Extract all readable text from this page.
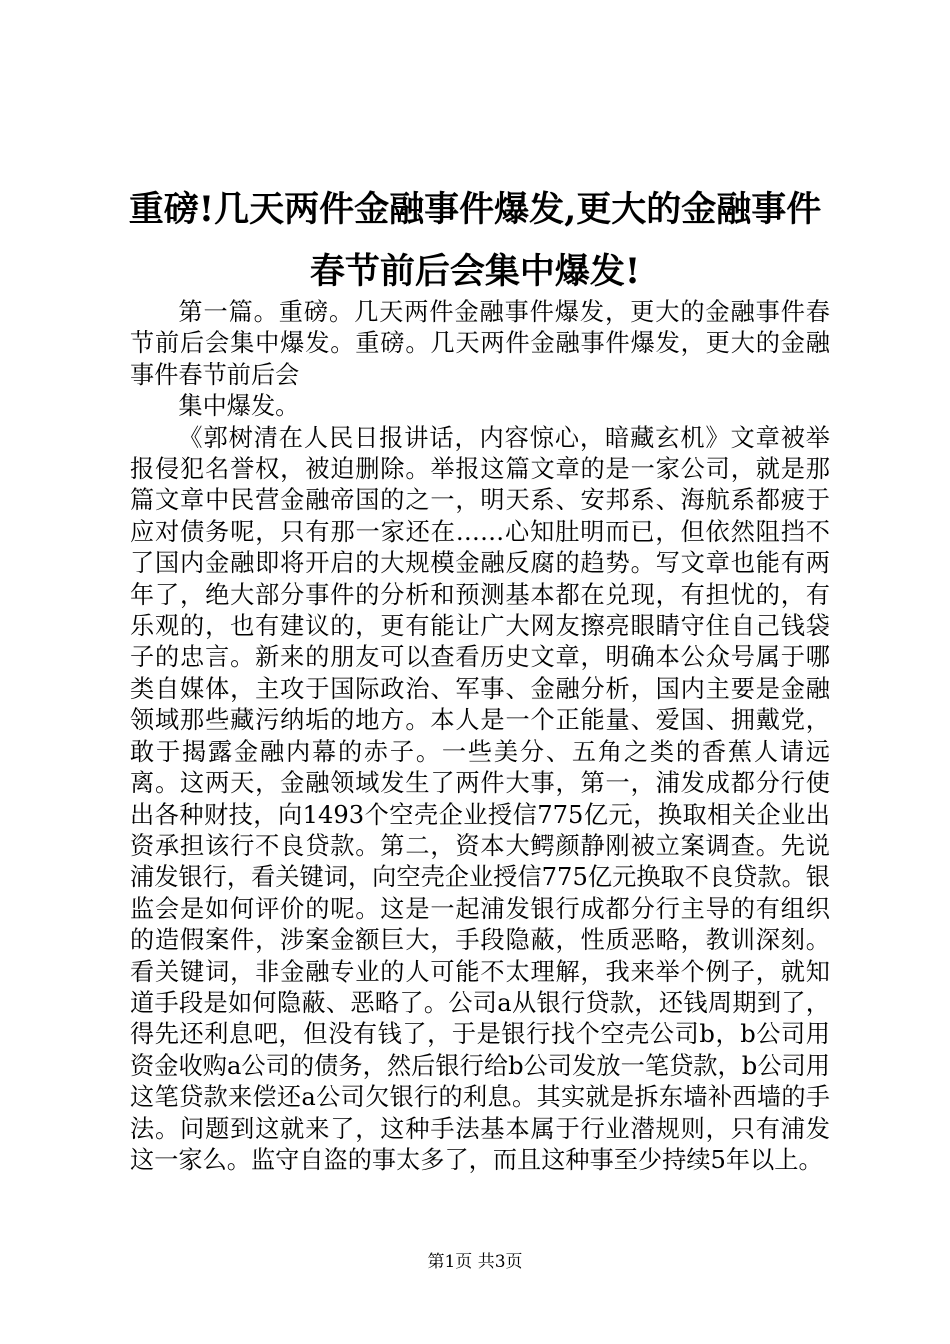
重磅!几天两件金融事件爆发,更大的金融事件
春节前后会集中爆发!

第一篇。重磅。几天两件金融事件爆发，更大的金融事件春节前后会集中爆发。重磅。几天两件金融事件爆发，更大的金融事件春节前后会

集中爆发。

《郭树清在人民日报讲话，内容惊心，暗藏玄机》文章被举报侵犯名誉权，被迫删除。举报这篇文章的是一家公司，就是那篇文章中民营金融帝国的之一，明天系、安邦系、海航系都疲于应对债务呢，只有那一家还在……心知肚明而已，但依然阻挡不了国内金融即将开启的大规模金融反腐的趋势。写文章也能有两年了，绝大部分事件的分析和预测基本都在兑现，有担忧的，有乐观的，也有建议的，更有能让广大网友擦亮眼睛守住自己钱袋子的忠言。新来的朋友可以查看历史文章，明确本公众号属于哪类自媒体，主攻于国际政治、军事、金融分析，国内主要是金融领域那些藏污纳垢的地方。本人是一个正能量、爱国、拥戴党，敢于揭露金融内幕的赤子。一些美分、五角之类的香蕉人请远离。这两天，金融领域发生了两件大事，第一，浦发成都分行使出各种财技，向1493个空壳企业授信775亿元，换取相关企业出资承担该行不良贷款。第二，资本大鳄颜静刚被立案调查。先说浦发银行，看关键词，向空壳企业授信775亿元换取不良贷款。银监会是如何评价的呢。这是一起浦发银行成都分行主导的有组织的造假案件，涉案金额巨大，手段隐蔽，性质恶略，教训深刻。看关键词，非金融专业的人可能不太理解，我来举个例子，就知道手段是如何隐蔽、恶略了。公司a从银行贷款，还钱周期到了，得先还利息吧，但没有钱了，于是银行找个空壳公司b，b公司用资金收购a公司的债务，然后银行给b公司发放一笔贷款，b公司用这笔贷款来偿还a公司欠银行的利息。其实就是拆东墙补西墙的手法。问题到这就来了，这种手法基本属于行业潜规则，只有浦发这一家么。监守自盗的事太多了，而且这种事至少持续5年以上。

第1页 共3页
